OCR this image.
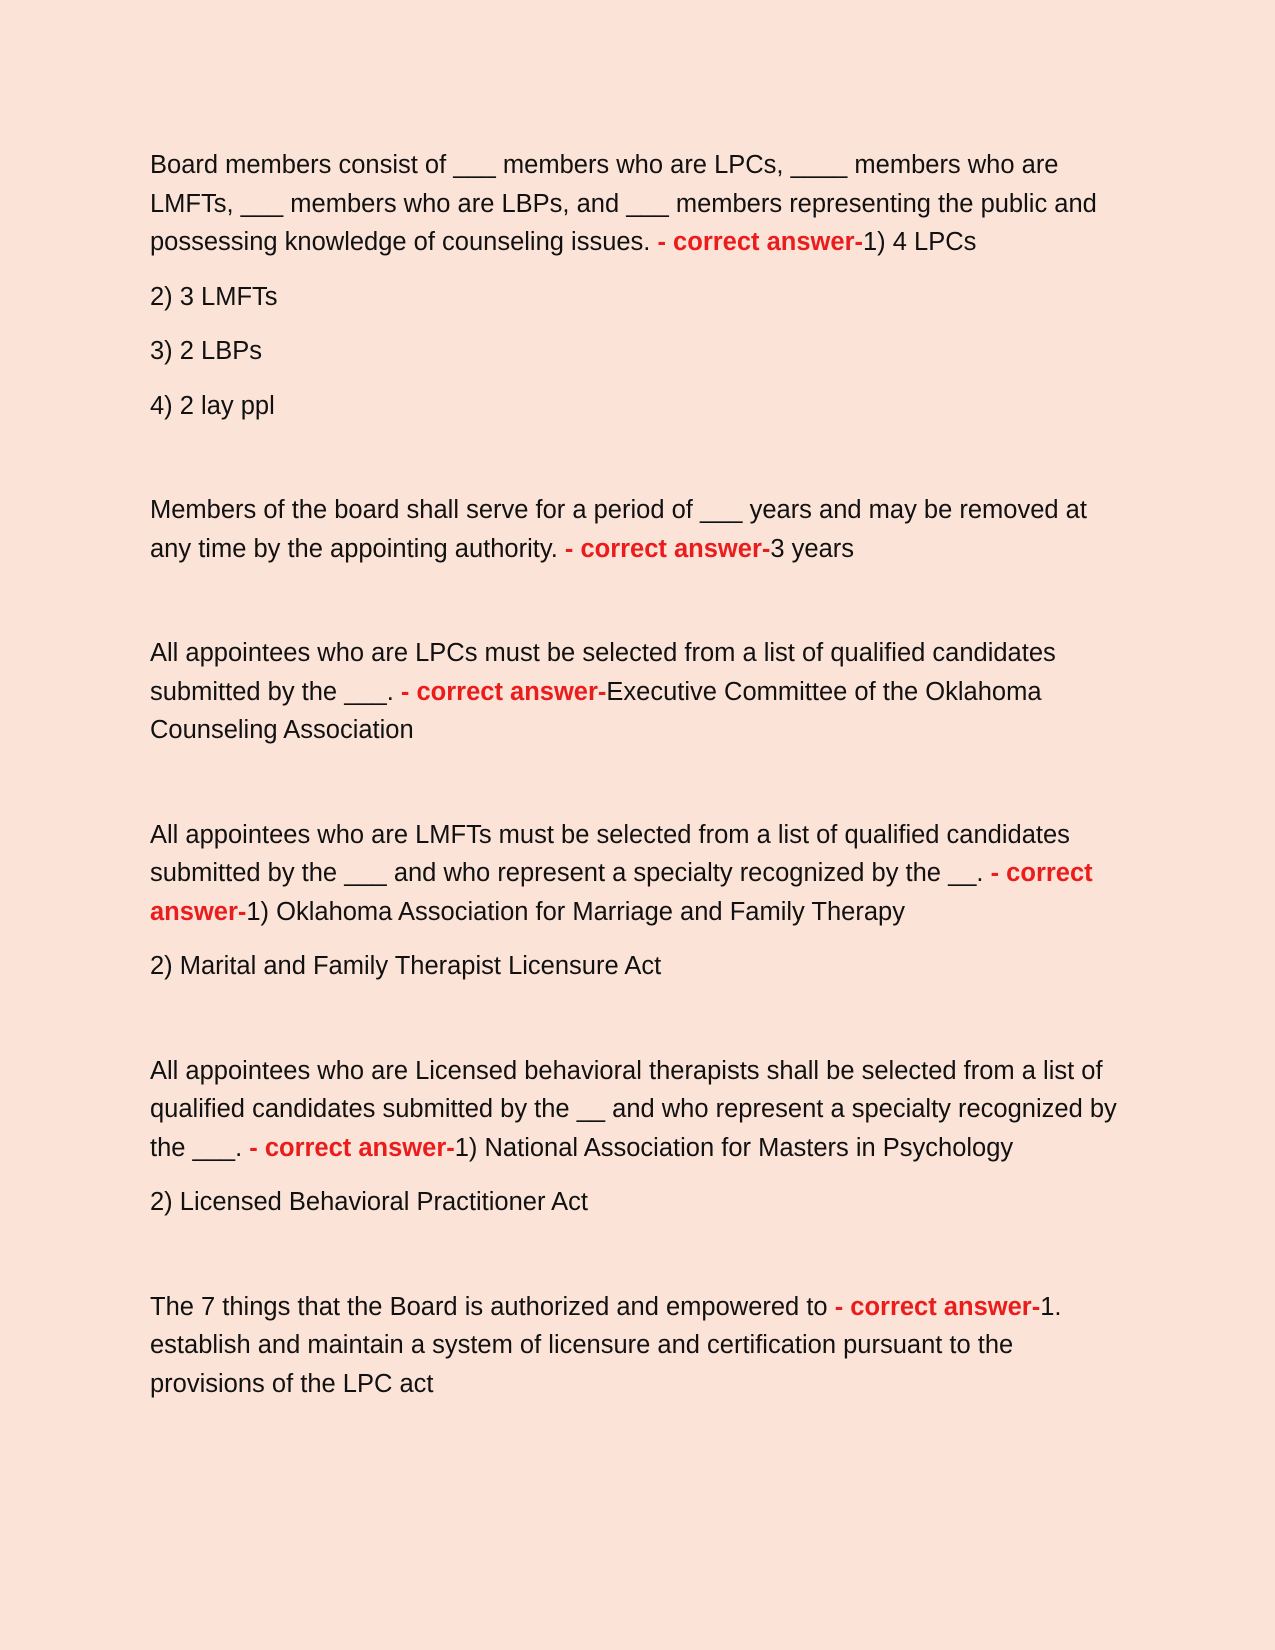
Board members consist of ___ members who are LPCs, ____ members who are LMFTs, ___ members who are LBPs, and ___ members representing the public and possessing knowledge of counseling issues. - correct answer-1) 4 LPCs

2) 3 LMFTs

3) 2 LBPs

4) 2 lay ppl

Members of the board shall serve for a period of ___ years and may be removed at any time by the appointing authority. - correct answer-3 years

All appointees who are LPCs must be selected from a list of qualified candidates submitted by the ___. - correct answer-Executive Committee of the Oklahoma Counseling Association

All appointees who are LMFTs must be selected from a list of qualified candidates submitted by the ___ and who represent a specialty recognized by the __. - correct answer-1) Oklahoma Association for Marriage and Family Therapy

2) Marital and Family Therapist Licensure Act

All appointees who are Licensed behavioral therapists shall be selected from a list of qualified candidates submitted by the __ and who represent a specialty recognized by the ___. - correct answer-1) National Association for Masters in Psychology

2) Licensed Behavioral Practitioner Act

The 7 things that the Board is authorized and empowered to - correct answer-1. establish and maintain a system of licensure and certification pursuant to the provisions of the LPC act
